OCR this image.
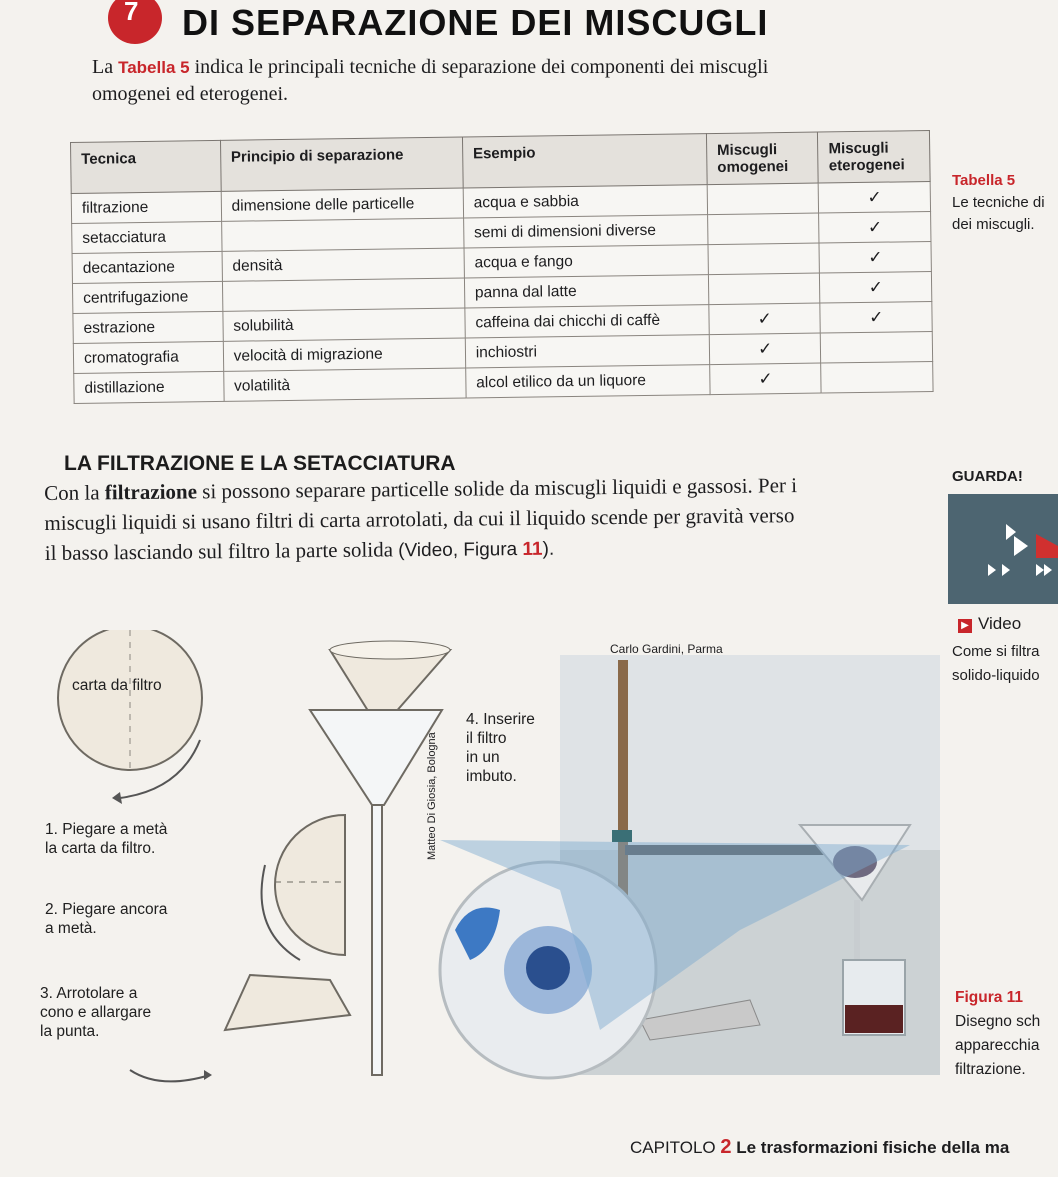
7 DI SEPARAZIONE DEI MISCUGLI
La Tabella 5 indica le principali tecniche di separazione dei componenti dei miscugli omogenei ed eterogenei.
Tecnica	Principio di separazione	Esempio	Miscugli omogenei	Miscugli eterogenei
filtrazione	dimensione delle particelle	acqua e sabbia		✓
setacciatura		semi di dimensioni diverse		✓
decantazione	densità	acqua e fango		✓
centrifugazione		panna dal latte		✓
estrazione	solubilità	caffeina dai chicchi di caffè	✓	✓
cromatografia	velocità di migrazione	inchiostri	✓	
distillazione	volatilità	alcol etilico da un liquore	✓	
Tabella 5
Le tecniche di
dei miscugli.
LA FILTRAZIONE E LA SETACCIATURA
Con la filtrazione si possono separare particelle solide da miscugli liquidi e gassosi. Per i miscugli liquidi si usano filtri di carta arrotolati, da cui il liquido scende per gravità verso il basso lasciando sul filtro la parte solida (Video, Figura 11).
GUARDA!
▶ Video
Come si filtra
solido-liquido
Carlo Gardini, Parma
Matteo Di Giosia, Bologna
carta da filtro
1. Piegare a metà
la carta da filtro.
2. Piegare ancora
a metà.
3. Arrotolare a
cono e allargare
la punta.
4. Inserire
il filtro
in un
imbuto.
Figura 11
Disegno sch
apparecchia
filtrazione.
CAPITOLO 2 Le trasformazioni fisiche della ma
